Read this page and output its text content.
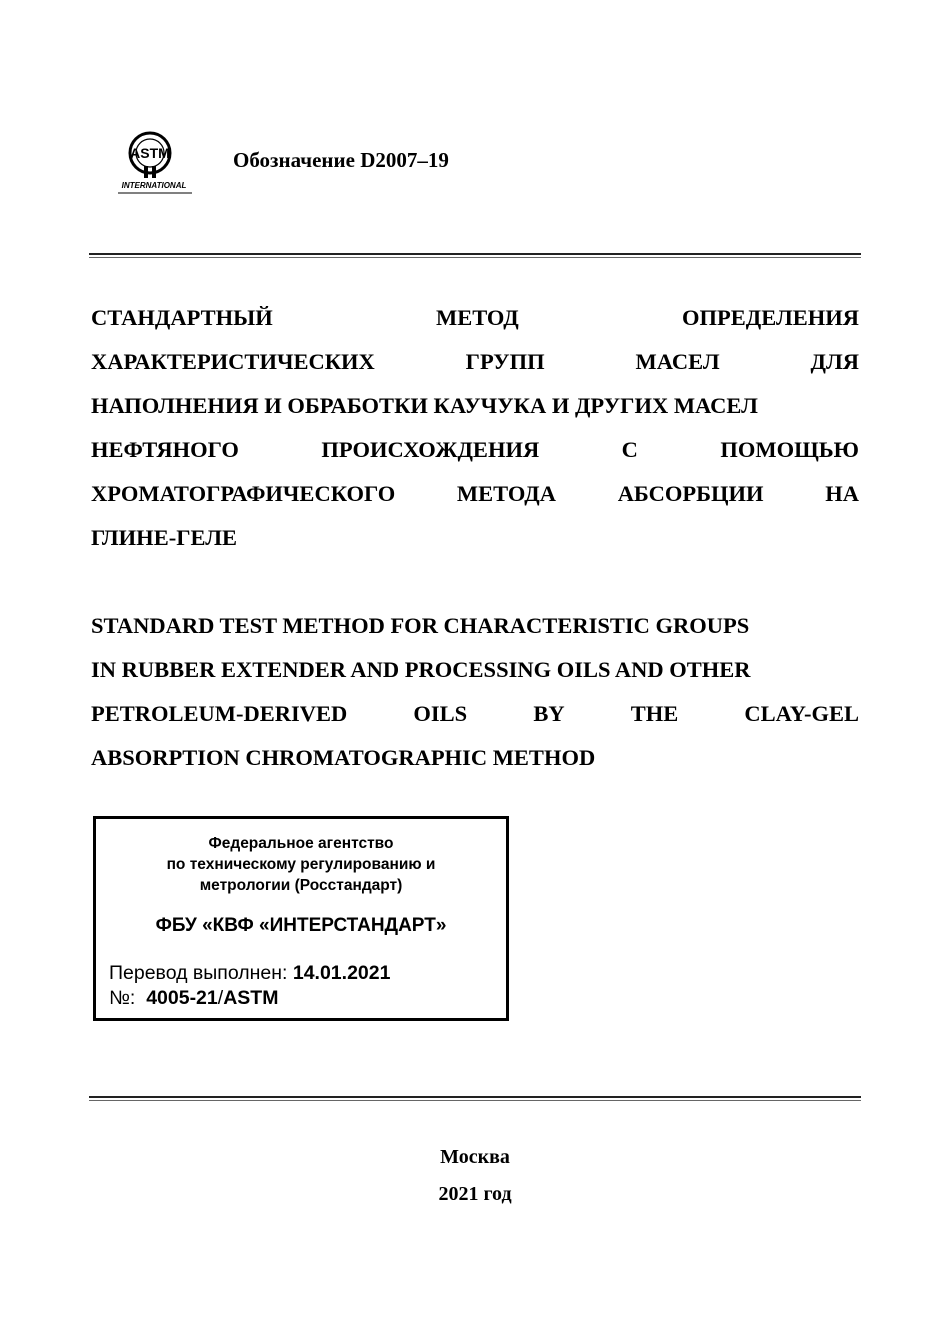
ASTM
INTERNATIONAL
Обозначение D2007–19
СТАНДАРТНЫЙ	МЕТОД	ОПРЕДЕЛЕНИЯ
ХАРАКТЕРИСТИЧЕСКИХ	ГРУПП	МАСЕЛ	ДЛЯ
НАПОЛНЕНИЯ И ОБРАБОТКИ КАУЧУКА И ДРУГИХ МАСЕЛ
НЕФТЯНОГО	ПРОИСХОЖДЕНИЯ	С	ПОМОЩЬЮ
ХРОМАТОГРАФИЧЕСКОГО	МЕТОДА	АБСОРБЦИИ	НА
ГЛИНЕ-ГЕЛЕ
STANDARD TEST METHOD FOR CHARACTERISTIC GROUPS
IN RUBBER EXTENDER AND PROCESSING OILS AND OTHER
PETROLEUM-DERIVED	OILS	BY	THE	CLAY-GEL
ABSORPTION CHROMATOGRAPHIC METHOD
Федеральное агентство
по техническому регулированию и
метрологии (Росстандарт)
ФБУ «КВФ «ИНТЕРСТАНДАРТ»
Перевод выполнен: 14.01.2021
№: 4005-21/ASTM
Москва
2021 год
